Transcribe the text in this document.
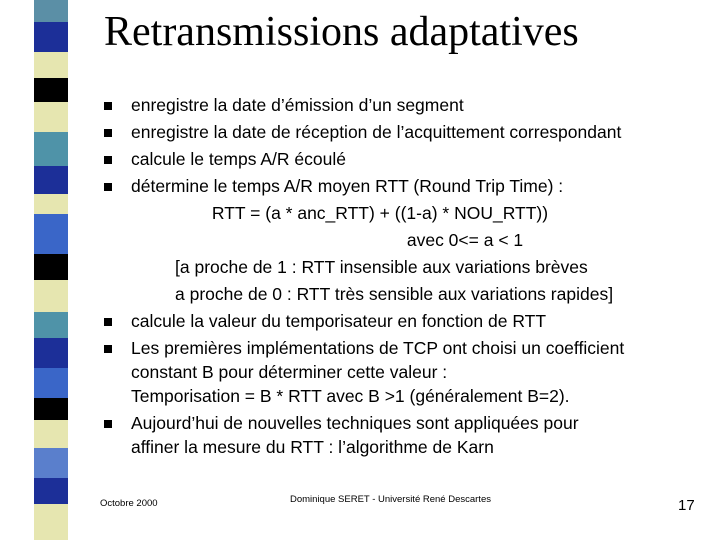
Retransmissions adaptatives
enregistre la date d’émission d’un segment
enregistre la date de réception de l’acquittement correspondant
calcule le temps A/R écoulé
détermine le temps A/R moyen RTT (Round Trip Time) :
RTT = (a * anc_RTT) + ((1-a) * NOU_RTT))
avec 0<= a < 1
[a proche de 1 : RTT insensible aux variations brèves
a proche de 0 : RTT très sensible aux variations rapides]
calcule la valeur du temporisateur en fonction de RTT
Les premières implémentations de TCP ont choisi un coefficient
constant B pour déterminer cette valeur :
Temporisation = B * RTT avec B >1 (généralement B=2).
Aujourd’hui de nouvelles techniques sont appliquées pour
affiner la mesure du RTT : l’algorithme de Karn
Octobre 2000	Dominique SERET - Université René Descartes	17
